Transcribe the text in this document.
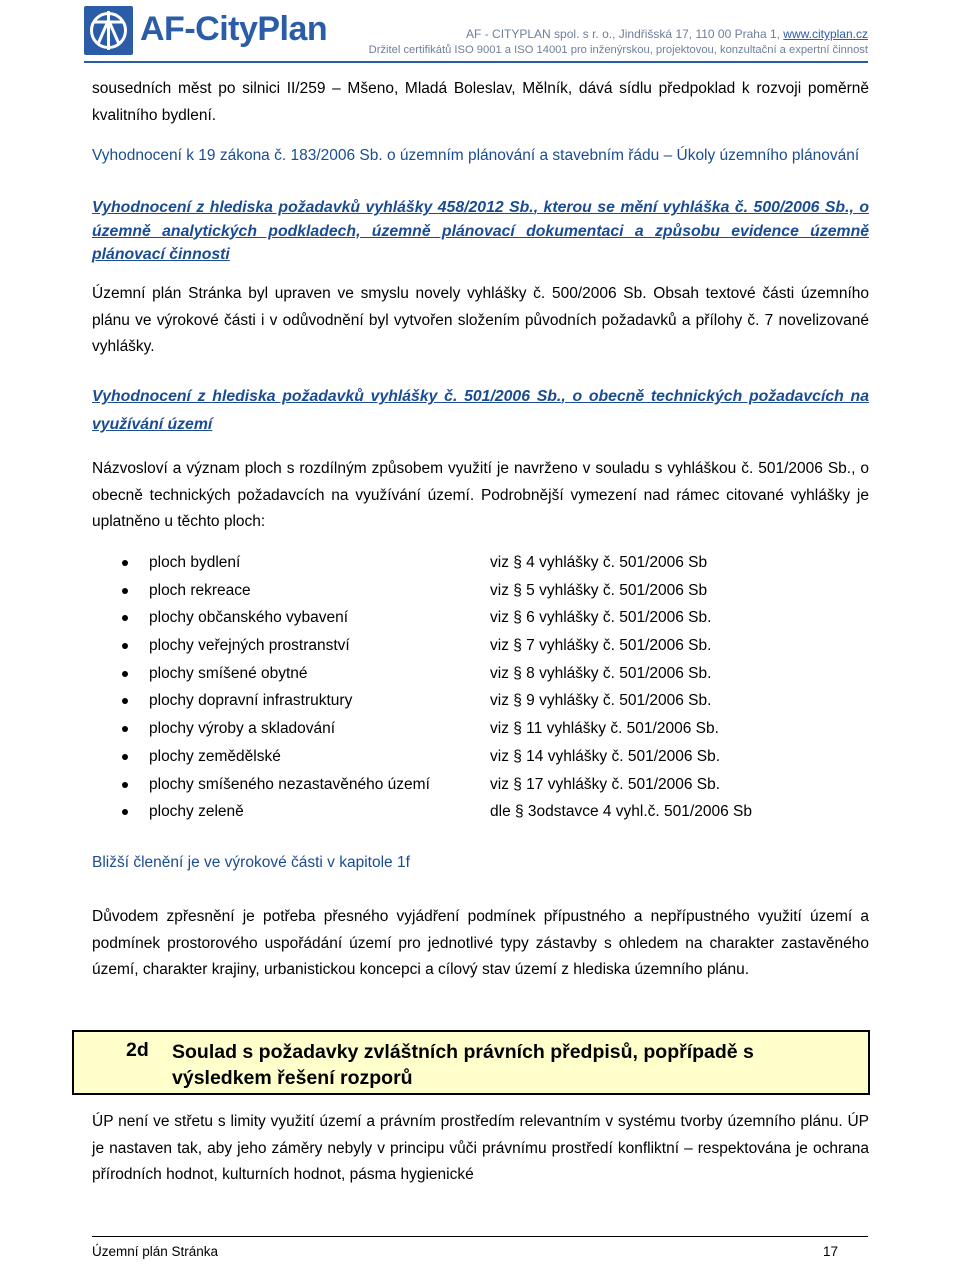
AF-CityPlan	AF - CITYPLAN spol. s r. o., Jindřišská 17, 110 00 Praha 1, www.cityplan.cz
Držitel certifikátů ISO 9001 a ISO 14001 pro inženýrskou, projektovou, konzultační a expertní činnost
sousedních měst po silnici II/259 – Mšeno, Mladá Boleslav, Mělník, dává sídlu předpoklad k rozvoji poměrně kvalitního bydlení.
Vyhodnocení k 19 zákona č. 183/2006 Sb. o územním plánování a stavebním řádu – Úkoly územního plánování
Vyhodnocení z hlediska požadavků vyhlášky 458/2012 Sb., kterou se mění vyhláška č. 500/2006 Sb., o územně analytických podkladech, územně plánovací dokumentaci a způsobu evidence územně plánovací činnosti
Územní plán Stránka byl upraven ve smyslu novely vyhlášky č. 500/2006 Sb. Obsah textové části územního plánu ve výrokové části i v odůvodnění byl vytvořen složením původních požadavků a přílohy č. 7 novelizované vyhlášky.
Vyhodnocení z hlediska požadavků vyhlášky č. 501/2006 Sb., o obecně technických požadavcích na využívání území
Názvosloví a význam ploch s rozdílným způsobem využití je navrženo v souladu s vyhláškou č. 501/2006 Sb., o obecně technických požadavcích na využívání území. Podrobnější vymezení nad rámec citované vyhlášky je uplatněno u těchto ploch:
ploch bydlení	viz § 4 vyhlášky č. 501/2006 Sb
ploch rekreace	viz § 5 vyhlášky č. 501/2006 Sb
plochy občanského vybavení	viz § 6 vyhlášky č. 501/2006 Sb.
plochy veřejných prostranství	viz § 7 vyhlášky č. 501/2006 Sb.
plochy smíšené obytné	viz § 8 vyhlášky č. 501/2006 Sb.
plochy dopravní infrastruktury	viz § 9 vyhlášky č. 501/2006 Sb.
plochy výroby a skladování	viz § 11 vyhlášky č. 501/2006 Sb.
plochy zemědělské	viz § 14 vyhlášky č. 501/2006 Sb.
plochy smíšeného nezastavěného území	viz § 17 vyhlášky č. 501/2006 Sb.
plochy zeleně	dle § 3odstavce 4 vyhl.č. 501/2006 Sb
Bližší členění je ve výrokové části v kapitole 1f
Důvodem zpřesnění je potřeba přesného vyjádření podmínek přípustného a nepřípustného využití území a podmínek prostorového uspořádání území pro jednotlivé typy zástavby s ohledem na charakter zastavěného území, charakter krajiny, urbanistickou koncepci a cílový stav území z hlediska územního plánu.
2d Soulad s požadavky zvláštních právních předpisů, popřípadě s výsledkem řešení rozporů
ÚP není ve střetu s limity využití území a právním prostředím relevantním v systému tvorby územního plánu. ÚP je nastaven tak, aby jeho záměry nebyly v principu vůči právnímu prostředí konfliktní – respektována je ochrana přírodních hodnot, kulturních hodnot, pásma hygienické
Územní plán Stránka	17
